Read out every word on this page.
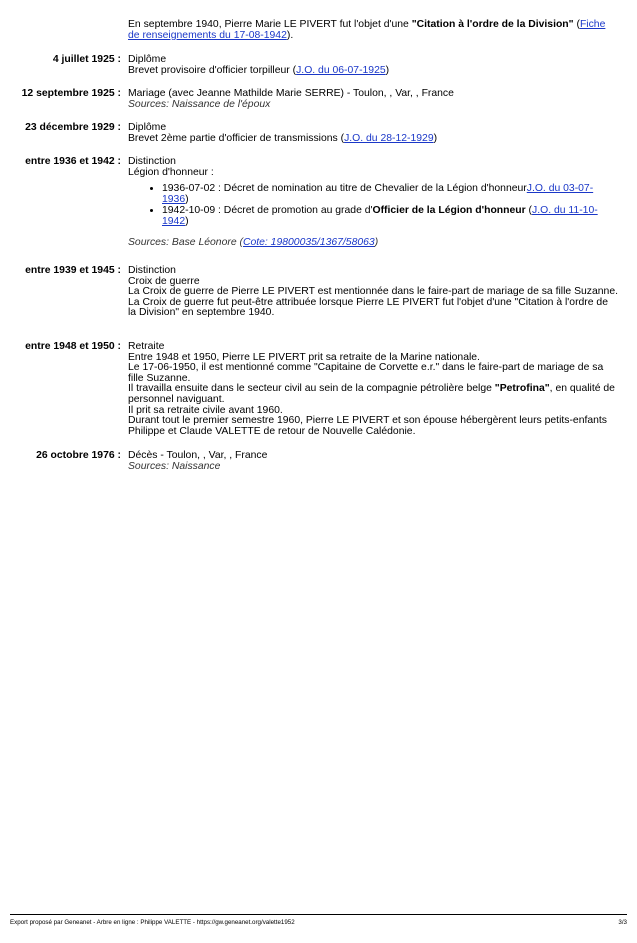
En septembre 1940, Pierre Marie LE PIVERT fut l'objet d'une "Citation à l'ordre de la Division" (Fiche de renseignements du 17-08-1942).

4 juillet 1925 : Diplôme

Brevet provisoire d'officier torpilleur (J.O. du 06-07-1925)

12 septembre 1925 : Mariage (avec Jeanne Mathilde Marie SERRE) - Toulon, , Var, , France

Sources: Naissance de l'époux

23 décembre 1929 : Diplôme

Brevet 2ème partie d'officier de transmissions (J.O. du 28-12-1929)

entre 1936 et 1942 : Distinction

Légion d'honneur :

• 1936-07-02 : Décret de nomination au titre de Chevalier de la Légion d'honneurJ.O. du 03-07-1936)
• 1942-10-09 : Décret de promotion au grade d'Officier de la Légion d'honneur (J.O. du 11-10-1942)

Sources: Base Léonore (Cote: 19800035/1367/58063)

entre 1939 et 1945 : Distinction

Croix de guerre

La Croix de guerre de Pierre LE PIVERT est mentionnée dans le faire-part de mariage de sa fille Suzanne.

La Croix de guerre fut peut-être attribuée lorsque Pierre LE PIVERT fut l'objet d'une "Citation à l'ordre de la Division" en septembre 1940.

entre 1948 et 1950 : Retraite

Entre 1948 et 1950, Pierre LE PIVERT prit sa retraite de la Marine nationale.

Le 17-06-1950, il est mentionné comme "Capitaine de Corvette e.r." dans le faire-part de mariage de sa fille Suzanne.

Il travailla ensuite dans le secteur civil au sein de la compagnie pétrolière belge "Petrofina", en qualité de personnel naviguant.

Il prit sa retraite civile avant 1960.

Durant tout le premier semestre 1960, Pierre LE PIVERT et son épouse hébergèrent leurs petits-enfants Philippe et Claude VALETTE de retour de Nouvelle Calédonie.

26 octobre 1976 : Décès - Toulon, , Var, , France

Sources: Naissance

Export proposé par Geneanet - Arbre en ligne : Philippe VALETTE - https://gw.geneanet.org/valette1952	3/3
